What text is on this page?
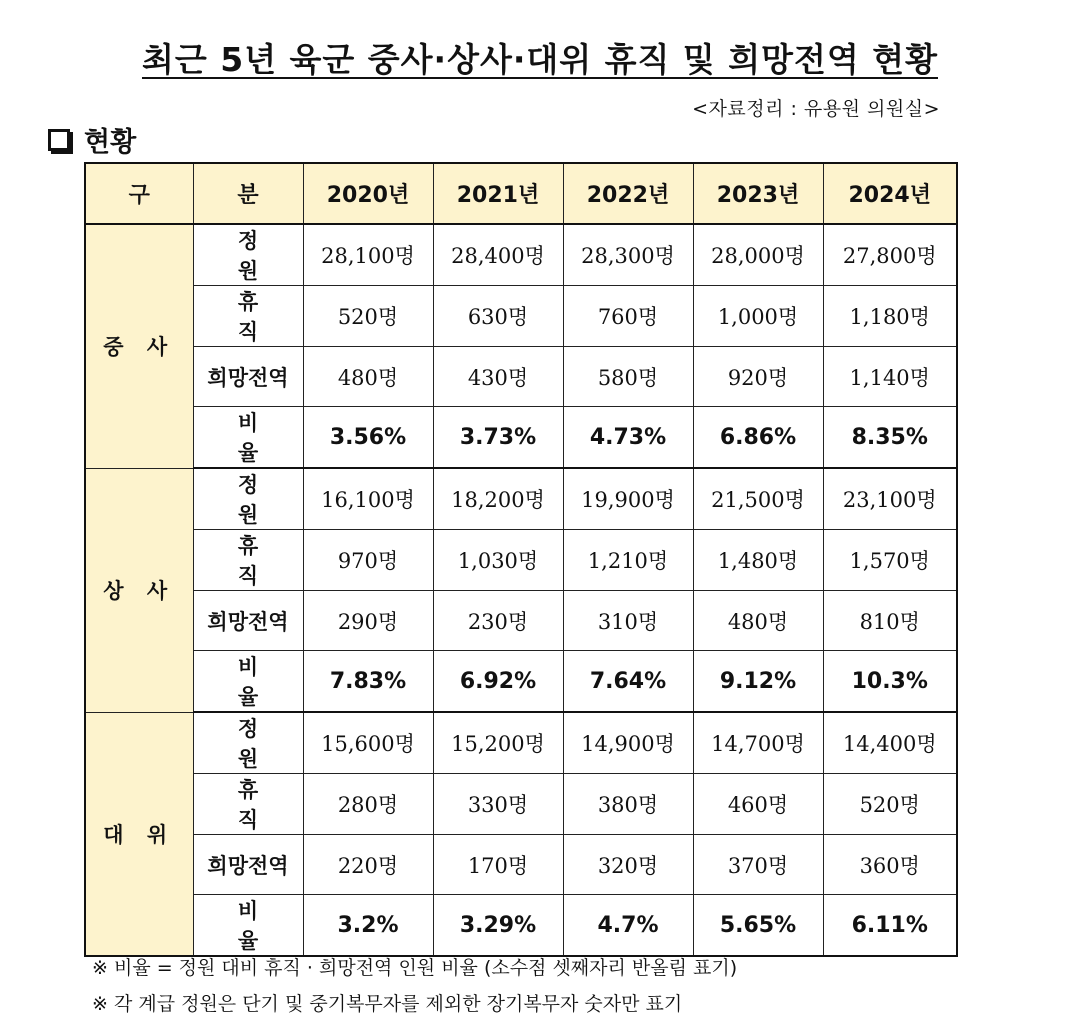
최근 5년 육군 중사·상사·대위 휴직 및 희망전역 현황
<자료정리 : 유용원 의원실>
현황
구	분	2020년	2021년	2022년	2023년	2024년
중 사	정 원	28,100명	28,400명	28,300명	28,000명	27,800명
	휴 직	520명	630명	760명	1,000명	1,180명
	희망전역	480명	430명	580명	920명	1,140명
	비 율	3.56%	3.73%	4.73%	6.86%	8.35%
상 사	정 원	16,100명	18,200명	19,900명	21,500명	23,100명
	휴 직	970명	1,030명	1,210명	1,480명	1,570명
	희망전역	290명	230명	310명	480명	810명
	비 율	7.83%	6.92%	7.64%	9.12%	10.3%
대 위	정 원	15,600명	15,200명	14,900명	14,700명	14,400명
	휴 직	280명	330명	380명	460명	520명
	희망전역	220명	170명	320명	370명	360명
	비 율	3.2%	3.29%	4.7%	5.65%	6.11%
※ 비율 = 정원 대비 휴직 · 희망전역 인원 비율 (소수점 셋째자리 반올림 표기)
※ 각 계급 정원은 단기 및 중기복무자를 제외한 장기복무자 숫자만 표기
